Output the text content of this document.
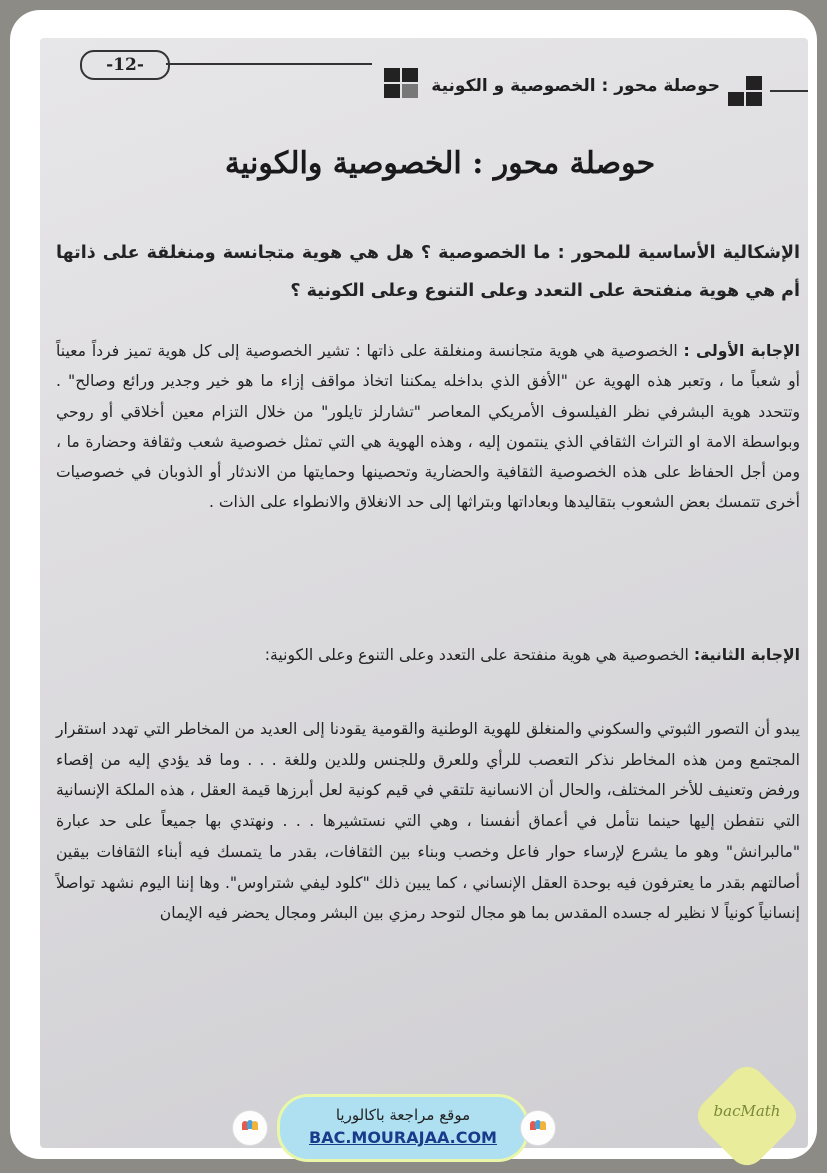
-12-
حوصلة محور : الخصوصية و الكونية
حوصلة محور : الخصوصية والكونية
الإشكالية الأساسية للمحور : ما الخصوصية ؟ هل هي هوية متجانسة ومنغلقة على ذاتها أم هي هوية منفتحة على التعدد وعلى التنوع وعلى الكونية ؟
الإجابة الأولى : الخصوصية هي هوية متجانسة ومنغلقة على ذاتها : تشير الخصوصية إلى كل هوية تميز فرداً معيناً أو شعباً ما ، وتعبر هذه الهوية عن "الأفق الذي بداخله يمكننا اتخاذ مواقف إزاء ما هو خير وجدير ورائع وصالح" . وتتحدد هوية البشرفي نظر الفيلسوف الأمريكي المعاصر "تشارلز تايلور" من خلال التزام معين أخلاقي أو روحي وبواسطة الامة او التراث الثقافي الذي ينتمون إليه ، وهذه الهوية هي التي تمثل خصوصية شعب وثقافة وحضارة ما ، ومن أجل الحفاظ على هذه الخصوصية الثقافية والحضارية وتحصينها وحمايتها من الاندثار أو الذوبان في خصوصيات أخرى تتمسك بعض الشعوب بتقاليدها وبعاداتها وبتراثها إلى حد الانغلاق والانطواء على الذات .
الإجابة الثانية: الخصوصية هي هوية منفتحة على التعدد وعلى التنوع وعلى الكونية:
يبدو أن التصور الثبوتي والسكوني والمنغلق للهوية الوطنية والقومية يقودنا إلى العديد من المخاطر التي تهدد استقرار المجتمع ومن هذه المخاطر نذكر التعصب للرأي وللعرق وللجنس وللدين وللغة . . . وما قد يؤدي إليه من إقصاء ورفض وتعنيف للأخر المختلف، والحال أن الانسانية تلتقي في قيم كونية لعل أبرزها قيمة العقل ، هذه الملكة الإنسانية التي نتفطن إليها حينما نتأمل في أعماق أنفسنا ، وهي التي نستشيرها . . . ونهتدي بها جميعاً على حد عبارة "مالبرانش" وهو ما يشرع لإرساء حوار فاعل وخصب وبناء بين الثقافات، بقدر ما يتمسك فيه أبناء الثقافات بيقين أصالتهم بقدر ما يعترفون فيه بوحدة العقل الإنساني ، كما يبين ذلك "كلود ليفي شتراوس". وها إننا اليوم نشهد تواصلاً إنسانياً كونياً لا نظير له جسده المقدس بما هو مجال لتوحد رمزي بين البشر ومجال يحضر فيه الإيمان
bacMath
موقع مراجعة باكالوريا
BAC.MOURAJAA.COM
